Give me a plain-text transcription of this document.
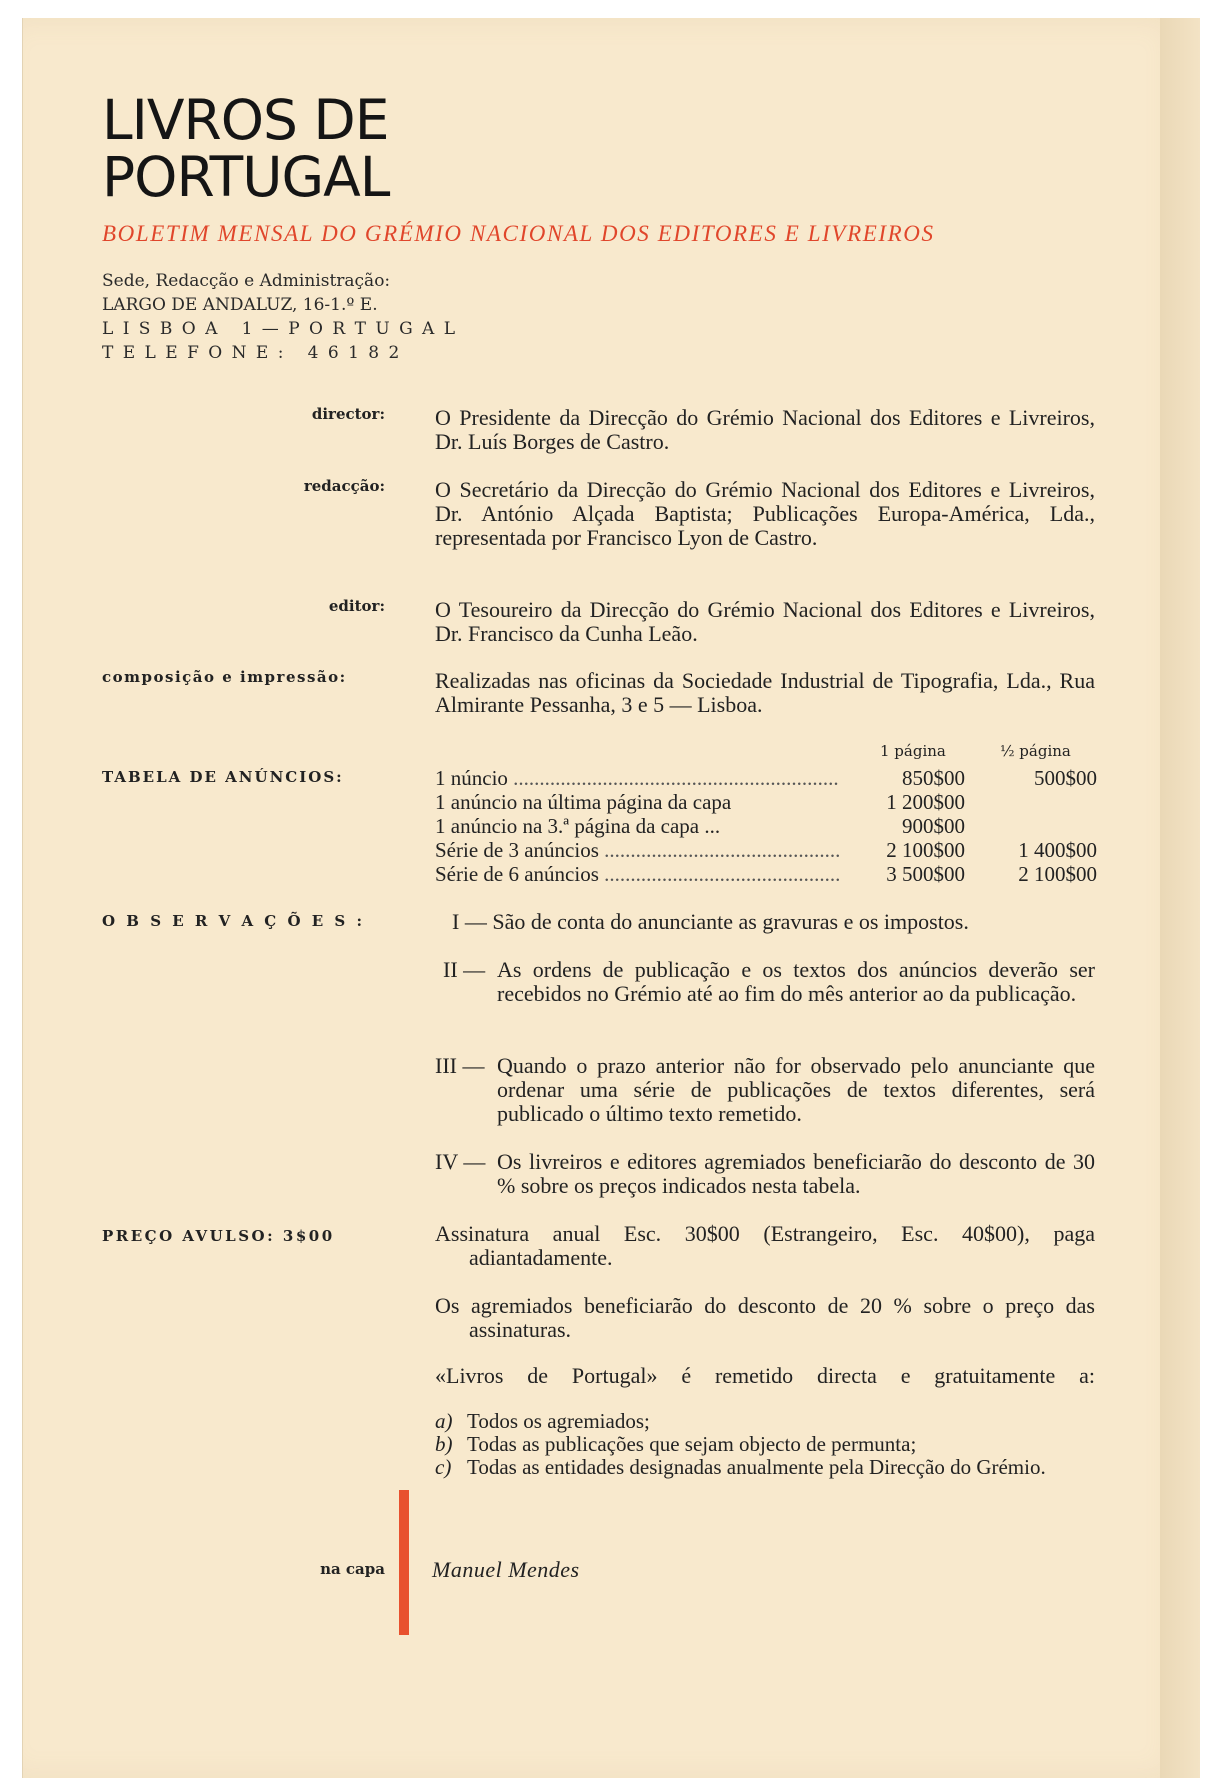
LIVROS DE
PORTUGAL
BOLETIM MENSAL DO GRÉMIO NACIONAL DOS EDITORES E LIVREIROS
Sede, Redacção e Administração:
LARGO DE ANDALUZ, 16-1.º E.
L I S B O A   1 — P O R T U G A L
T E L E F O N E :   4 6 1 8 2
director: O Presidente da Direcção do Grémio Nacional dos Editores e Livreiros, Dr. Luís Borges de Castro.
redacção: O Secretário da Direcção do Grémio Nacional dos Editores e Livreiros, Dr. António Alçada Baptista; Publicações Europa-América, Lda., representada por Francisco Lyon de Castro.
editor: O Tesoureiro da Direcção do Grémio Nacional dos Editores e Livreiros, Dr. Francisco da Cunha Leão.
composição e impressão:	Realizadas nas oficinas da Sociedade Industrial de Tipografia, Lda., Rua Almirante Pessanha, 3 e 5 — Lisboa.
TABELA DE ANÚNCIOS:
1 página	½ página
1 núncio .....	850$00	500$00
1 anúncio na última página da capa	1 200$00
1 anúncio na 3.ª página da capa ...	900$00
Série de 3 anúncios .....	2 100$00	1 400$00
Série de 6 anúncios .....	3 500$00	2 100$00
O B S E R V A Ç Õ E S :	I — São de conta do anunciante as gravuras e os impostos.
II — As ordens de publicação e os textos dos anúncios deverão ser recebidos no Grémio até ao fim do mês anterior ao da publicação.
III — Quando o prazo anterior não for observado pelo anunciante que ordenar uma série de publicações de textos diferentes, será publicado o último texto remetido.
IV — Os livreiros e editores agremiados beneficiarão do desconto de 30 % sobre os preços indicados nesta tabela.
PREÇO AVULSO: 3$00	Assinatura anual Esc. 30$00 (Estrangeiro, Esc. 40$00), paga adiantadamente.
Os agremiados beneficiarão do desconto de 20 % sobre o preço das assinaturas.
«Livros de Portugal» é remetido directa e gratuitamente a:
a) Todos os agremiados;
b) Todas as publicações que sejam objecto de permunta;
c) Todas as entidades designadas anualmente pela Direcção do Grémio.
na capa Manuel Mendes
